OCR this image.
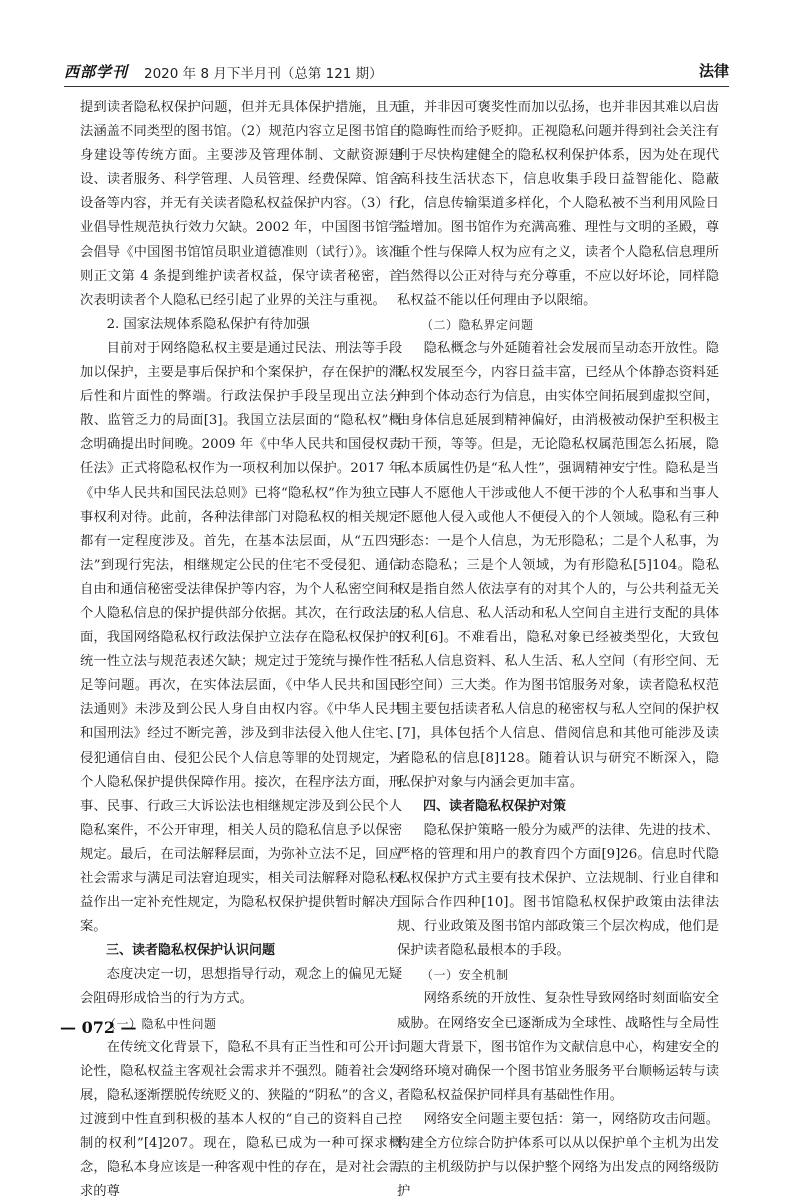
西部学刊 2020 年 8 月下半月刊（总第 121 期）	法律

提到读者隐私权保护问题，但并无具体保护措施，且无法涵盖不同类型的图书馆。（2）规范内容立足图书馆自身建设等传统方面。主要涉及管理体制、文献资源建设、读者服务、科学管理、人员管理、经费保障、馆舍设备等内容，并无有关读者隐私权益保护内容。（3）行业倡导性规范执行效力欠缺。2002 年，中国图书馆学会倡导《中国图书馆馆员职业道德准则（试行）》。该准则正文第 4 条提到维护读者权益，保守读者秘密，首次表明读者个人隐私已经引起了业界的关注与重视。

2. 国家法规体系隐私保护有待加强

目前对于网络隐私权主要是通过民法、刑法等手段加以保护，主要是事后保护和个案保护，存在保护的滞后性和片面性的弊端。行政法保护手段呈现出立法分散、监管乏力的局面[3]。我国立法层面的“隐私权”概念明确提出时间晚。2009 年《中华人民共和国侵权责任法》正式将隐私权作为一项权利加以保护。2017 年《中华人民共和国民法总则》已将“隐私权”作为独立民事权利对待。此前，各种法律部门对隐私权的相关规定都有一定程度涉及。首先，在基本法层面，从“五四宪法”到现行宪法，相继规定公民的住宅不受侵犯、通信自由和通信秘密受法律保护等内容，为个人私密空间和个人隐私信息的保护提供部分依据。其次，在行政法层面，我国网络隐私权行政法保护立法存在隐私权保护的统一性立法与规范表述欠缺；规定过于笼统与操作性不足等问题。再次，在实体法层面，《中华人民共和国民法通则》未涉及到公民人身自由权内容。《中华人民共和国刑法》经过不断完善，涉及到非法侵入他人住宅、侵犯通信自由、侵犯公民个人信息等罪的处罚规定，为个人隐私保护提供保障作用。接次，在程序法方面，刑事、民事、行政三大诉讼法也相继规定涉及到公民个人隐私案件，不公开审理，相关人员的隐私信息予以保密规定。最后，在司法解释层面，为弥补立法不足，回应社会需求与满足司法窘迫现实，相关司法解释对隐私权益作出一定补充性规定，为隐私权保护提供暂时解决方案。

三、读者隐私权保护认识问题

态度决定一切，思想指导行动，观念上的偏见无疑会阻碍形成恰当的行为方式。

（一）隐私中性问题

在传统文化背景下，隐私不具有正当性和可公开讨论性，隐私权益主客观社会需求并不强烈。随着社会发展，隐私逐渐摆脱传统贬义的、狭隘的“阴私”的含义，过渡到中性直到积极的基本人权的“自己的资料自己控制的权利”[4]207。现在，隐私已成为一种可探求概念，隐私本身应该是一种客观中性的存在，是对社会需求的尊

重，并非因可褒奖性而加以弘扬，也并非因其难以启齿的隐晦性而给予贬抑。正视隐私问题并得到社会关注有利于尽快构建健全的隐私权利保护体系，因为处在现代高科技生活状态下，信息收集手段日益智能化、隐蔽化，信息传输渠道多样化，个人隐私被不当利用风险日益增加。图书馆作为充满高雅、理性与文明的圣殿，尊重个性与保障人权为应有之义，读者个人隐私信息理所当然得以公正对待与充分尊重，不应以好坏论，同样隐私权益不能以任何理由予以限缩。

（二）隐私界定问题

隐私概念与外延随着社会发展而呈动态开放性。隐私权发展至今，内容日益丰富，已经从个体静态资料延伸到个体动态行为信息，由实体空间拓展到虚拟空间，由身体信息延展到精神偏好，由消极被动保护至积极主动干预，等等。但是，无论隐私权属范围怎么拓展，隐私本质属性仍是“私人性”，强调精神安宁性。隐私是当事人不愿他人干涉或他人不便干涉的个人私事和当事人不愿他人侵入或他人不便侵入的个人领域。隐私有三种形态：一是个人信息，为无形隐私；二是个人私事，为动态隐私；三是个人领域，为有形隐私[5]104。隐私权是指自然人依法享有的对其个人的，与公共利益无关的私人信息、私人活动和私人空间自主进行支配的具体权利[6]。不难看出，隐私对象已经被类型化，大致包括私人信息资料、私人生活、私人空间（有形空间、无形空间）三大类。作为图书馆服务对象，读者隐私权范围主要包括读者私人信息的秘密权与私人空间的保护权[7]，具体包括个人信息、借阅信息和其他可能涉及读者隐私的信息[8]128。随着认识与研究不断深入，隐私保护对象与内涵会更加丰富。

四、读者隐私权保护对策

隐私保护策略一般分为威严的法律、先进的技术、严格的管理和用户的教育四个方面[9]26。信息时代隐私权保护方式主要有技术保护、立法规制、行业自律和国际合作四种[10]。图书馆隐私权保护政策由法律法规、行业政策及图书馆内部政策三个层次构成，他们是保护读者隐私最根本的手段。

（一）安全机制

网络系统的开放性、复杂性导致网络时刻面临安全威胁。在网络安全已逐渐成为全球性、战略性与全局性问题大背景下，图书馆作为文献信息中心，构建安全的网络环境对确保一个图书馆业务服务平台顺畅运转与读者隐私权益保护同样具有基础性作用。

网络安全问题主要包括：第一，网络防攻击问题。构建全方位综合防护体系可以从以保护单个主机为出发点的主机级防护与以保护整个网络为出发点的网络级防护

— 072 —
